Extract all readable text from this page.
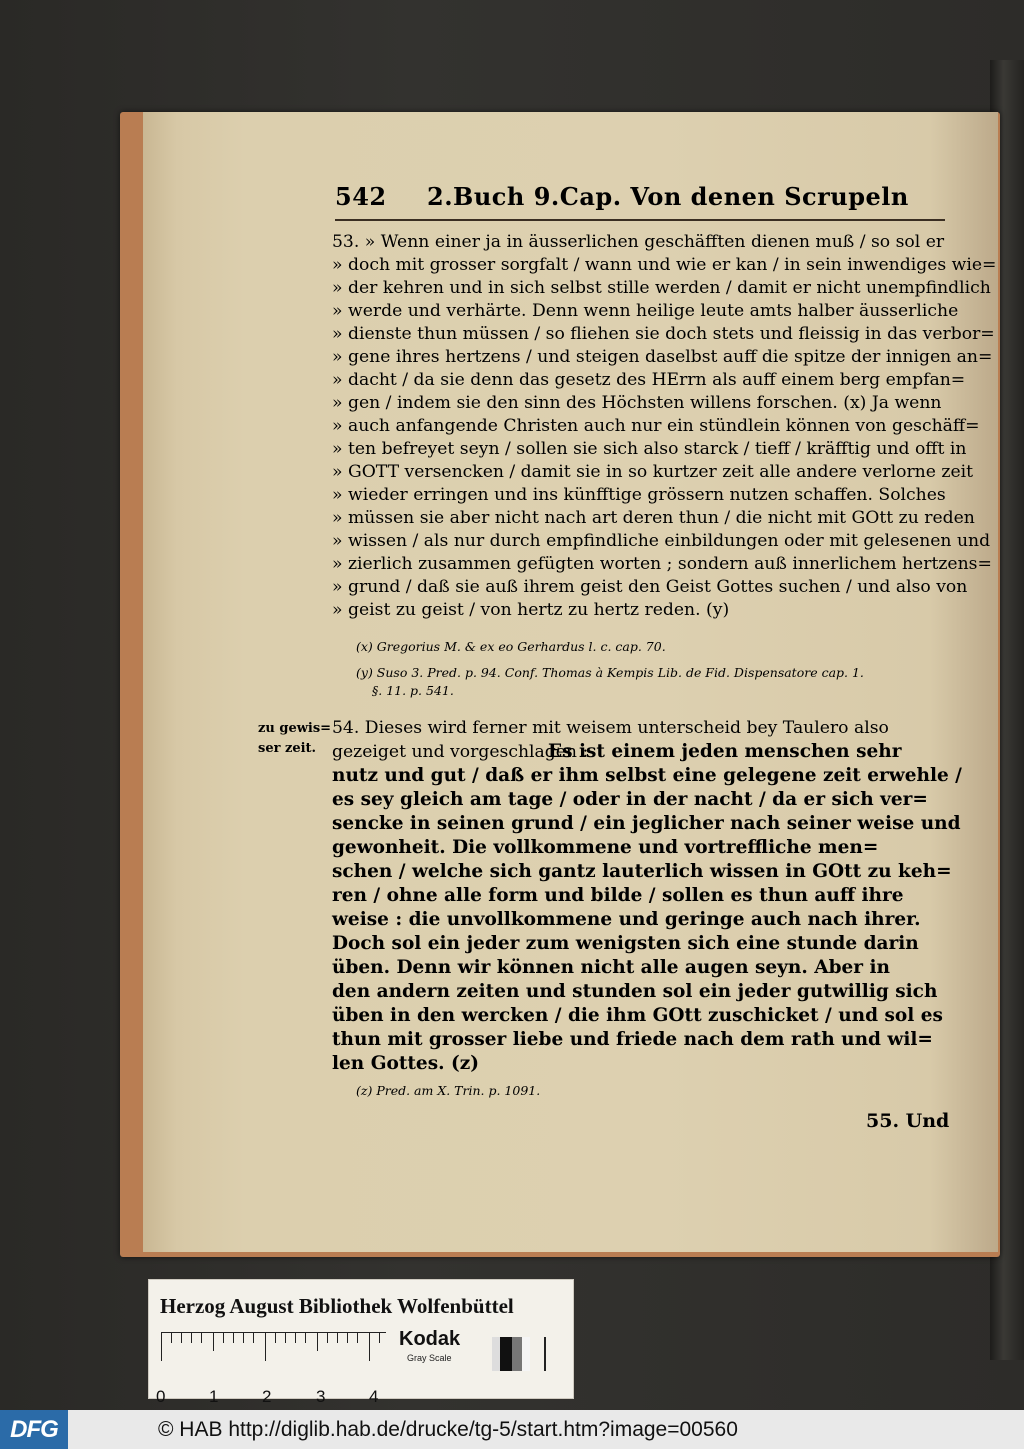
542 2.Buch 9.Cap. Von denen Scrupeln
53. » Wenn einer ja in äusserlichen geschäfften dienen muß / so sol er
» doch mit grosser sorgfalt / wann und wie er kan / in sein inwendiges wie=
» der kehren und in sich selbst stille werden / damit er nicht unempfindlich
» werde und verhärte. Denn wenn heilige leute amts halber äusserliche
» dienste thun müssen / so fliehen sie doch stets und fleissig in das verbor=
» gene ihres hertzens / und steigen daselbst auff die spitze der innigen an=
» dacht / da sie denn das gesetz des HErrn als auff einem berg empfan=
» gen / indem sie den sinn des Höchsten willens forschen. (x) Ja wenn
» auch anfangende Christen auch nur ein stündlein können von geschäff=
» ten befreyet seyn / sollen sie sich also starck / tieff / kräfftig und offt in
» GOTT versencken / damit sie in so kurtzer zeit alle andere verlorne zeit
» wieder erringen und ins künfftige grössern nutzen schaffen. Solches
» müssen sie aber nicht nach art deren thun / die nicht mit GOtt zu reden
» wissen / als nur durch empfindliche einbildungen oder mit gelesenen und
» zierlich zusammen gefügten worten ; sondern auß innerlichem hertzens=
» grund / daß sie auß ihrem geist den Geist Gottes suchen / und also von
» geist zu geist / von hertz zu hertz reden. (y)
(x) Gregorius M. & ex eo Gerhardus l. c. cap. 70.
(y) Suso 3. Pred. p. 94. Conf. Thomas à Kempis Lib. de Fid. Dispensatore cap. 1.
§. 11. p. 541.
zu gewis=
ser zeit.
54. Dieses wird ferner mit weisem unterscheid bey Taulero also
gezeiget und vorgeschlagen :
Es ist einem jeden menschen sehr
nutz und gut / daß er ihm selbst eine gelegene zeit erwehle /
es sey gleich am tage / oder in der nacht / da er sich ver=
sencke in seinen grund / ein jeglicher nach seiner weise und
gewonheit. Die vollkommene und vortreffliche men=
schen / welche sich gantz lauterlich wissen in GOtt zu keh=
ren / ohne alle form und bilde / sollen es thun auff ihre
weise : die unvollkommene und geringe auch nach ihrer.
Doch sol ein jeder zum wenigsten sich eine stunde darin
üben. Denn wir können nicht alle augen seyn. Aber in
den andern zeiten und stunden sol ein jeder gutwillig sich
üben in den wercken / die ihm GOtt zuschicket / und sol es
thun mit grosser liebe und friede nach dem rath und wil=
len Gottes. (z)
(z) Pred. am X. Trin. p. 1091.
55. Und
Herzog August Bibliothek Wolfenbüttel
Kodak
Gray Scale
0	1	2	3	4
DFG	© HAB http://diglib.hab.de/drucke/tg-5/start.htm?image=00560
